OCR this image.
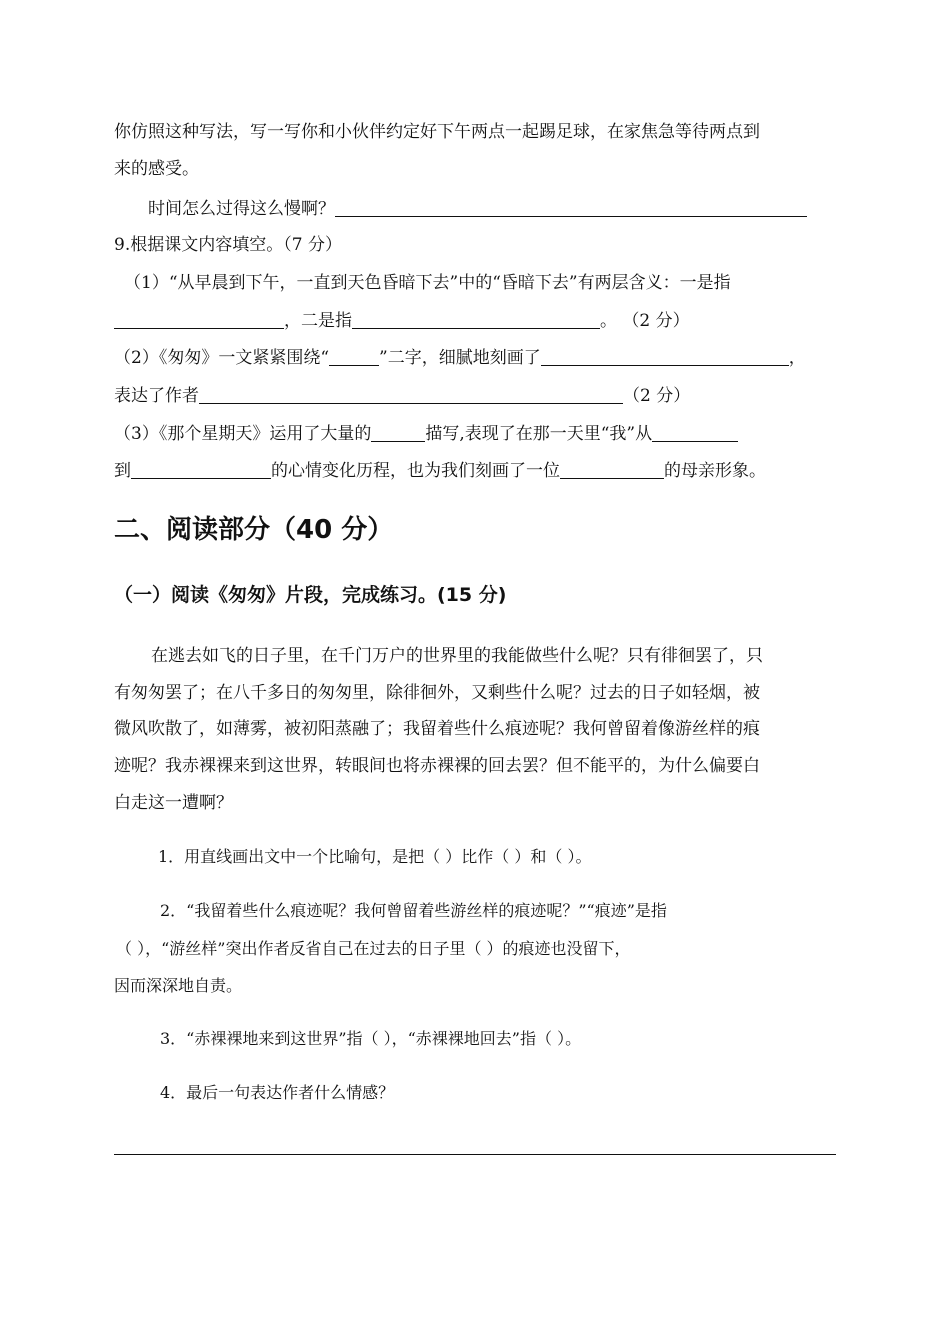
你仿照这种写法，写一写你和小伙伴约定好下午两点一起踢足球，在家焦急等待两点到
来的感受。
时间怎么过得这么慢啊？
9.根据课文内容填空。（7 分）
（1）“从早晨到下午，一直到天色昏暗下去”中的“昏暗下去”有两层含义：一是指
，二是指	。 （2 分）
（2）《匆匆》一文紧紧围绕“	”二字，细腻地刻画了	，
表达了作者	（2 分）
（3）《那个星期天》运用了大量的	描写,表现了在那一天里“我”从
到	的心情变化历程，也为我们刻画了一位	的母亲形象。
二、阅读部分（40 分）
（一）阅读《匆匆》片段，完成练习。(15 分)
在逃去如飞的日子里，在千门万户的世界里的我能做些什么呢？只有徘徊罢了，只
有匆匆罢了；在八千多日的匆匆里，除徘徊外，又剩些什么呢？过去的日子如轻烟，被
微风吹散了，如薄雾，被初阳蒸融了；我留着些什么痕迹呢？我何曾留着像游丝样的痕
迹呢？我赤裸裸来到这世界，转眼间也将赤裸裸的回去罢？但不能平的，为什么偏要白
白走这一遭啊？
1．用直线画出文中一个比喻句，是把（ ）比作（ ）和（ ）。
2．“我留着些什么痕迹呢？我何曾留着些游丝样的痕迹呢？”“痕迹”是指
（ ），“游丝样”突出作者反省自己在过去的日子里（ ）的痕迹也没留下，
因而深深地自责。
3．“赤裸裸地来到这世界”指（ ），“赤裸裸地回去”指（ ）。
4．最后一句表达作者什么情感？
